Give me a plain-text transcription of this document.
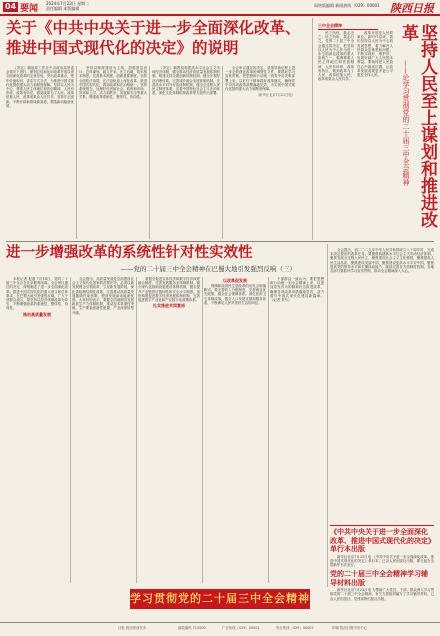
04 要闻
2024年7月23日 星期二
责任编辑 本版编辑
网络版编辑 新闻热线（029）00001 陕西日报
关于《中共中央关于进一步全面深化改革、推进中国式现代化的决定》的说明

《决定》稿起草工作在中央政治局常委会领导下进行，深刻总结和运用改革开放以来全面深化改革的宝贵经验，突出改革重点，把牢价值取向，讲求方式方法，为推进中国式现代化提供强大动力和制度保障。坚持以人民为中心，尊重人民主体地位和首创精神，人民有所呼、改革有所应，做到改革为了人民、改革依靠人民、改革成果由人民共享。坚持守正创新，不断开辟新领域新赛道，塑造新动能新优势。

坚持以制度建设为主线，加强顶层设计、总体谋划，破立并举、先立后破，筑牢根本制度，完善基本制度，创新重要制度。坚持全面依法治国，在法治轨道上深化改革、推进中国式现代化，做到改革和法治相统一。坚持系统观念，处理好经济和社会、政府和市场、效率和公平、活力和秩序、发展和安全等重大关系，增强改革系统性、整体性、协同性。

《决定》稿围绕构建高水平社会主义市场经济体制，健全推动经济高质量发展体制机制，构建支持全面创新体制机制，健全宏观经济治理体系，完善城乡融合发展体制机制，完善高水平对外开放体制机制，健全全过程人民民主制度体系，完善中国特色社会主义法治体系，深化文化体制机制改革等方面作出部署。

全会审议通过的决定，是指导新征程上进一步全面深化改革的纲领性文件。要抓好学习宣传贯彻，把思想和行动统一到党中央决策部署上来，以钉钉子精神抓好改革落实，确保党中央各项改革部署落地见效，为实现中国式现代化提供强大动力和制度保障。

（新华社北京7月21日电）

三中全会精神	坚持人民至上谋划和推进改革

——论学习贯彻党的二十届三中全会精神

民之所忧，我必念之；民之所盼，我必行之。党的二十届三中全会通过的决定，把坚持以人民为中心作为进一步全面深化改革的重大原则之一，强调尊重人民主体地位和首创精神，人民有所呼、改革有所应，做到改革为了人民、改革依靠人民、改革成果由人民共享。

改革开放是人民的事业。新时代以来，我们坚持以人民为中心的发展思想，着力解决人民群众急难愁盼问题，不断实现好、维护好、发展好最广大人民根本利益。要始终把人民放在心中最高位置，让改革发展成果更多更公平惠及全体人民。

进一步增强改革的系统性针对性实效性

——党的二十届三中全会精神在巴蜀大地引发强烈反响（三）

本报记者 报道 7月18日，党的二十届三中全会在北京胜利闭幕。全会审议通过的决定，深刻阐述了进一步全面深化改革、推进中国式现代化的重大意义和总体要求，在巴蜀大地引发强烈反响。广大干部群众表示，要坚持以经济体制改革为牵引，不断增强改革的系统性、整体性、协同性。

推动高质量发展

全会提出，高质量发展是全面建设社会主义现代化国家的首要任务。必须以新发展理念引领改革，立足新发展阶段，深化供给侧结构性改革，完善推动高质量发展激励约束机制，塑造发展新动能新优势。大家纷纷表示，要健全因地制宜发展新质生产力体制机制，推动技术革命性突破、生产要素创新性配置、产业深度转型升级。

要健全促进实体经济和数字经济深度融合制度，完善发展服务业体制机制，健全现代化基础设施建设体制机制，健全提升产业链供应链韧性和安全水平制度。加快构建促进数字经济发展体制机制，完善促进数字产业化和产业数字化政策体系。

扎实推进共同富裕

以改革促发展

保障和改善民生是改革的出发点和落脚点。要完善收入分配制度，完善就业优先政策，健全社会保障体系，深化医药卫生体制改革，健全人口发展支撑和服务体系，不断满足人民对美好生活的向往。

干部群众一致认为，要把思想和行动统一到全会精神上来，以更加奋发有为的精神状态推进改革，确保各项改革举措落地见效，奋力谱写中国式现代化建设新篇章。（记者 采写）

全会提出，到二〇二九年中华人民共和国成立八十周年时，完成本决定提出的改革任务。要聚焦构建高水平社会主义市场经济体制，聚焦发展全过程人民民主，聚焦建设社会主义文化强国，聚焦提高人民生活品质，聚焦建设美丽中国，聚焦建设更高水平平安中国，聚焦提高党的领导水平和长期执政能力，继续完善各方面制度机制。各地各部门要抓好学习宣传贯彻，推动全会精神深入人心。

《中共中央关于进一步全面深化改革、推进中国式现代化的决定》单行本出版

新华社北京7月21日电 《中共中央关于进一步全面深化改革、推进中国式现代化的决定》单行本，已由人民出版社出版，即日起在全国新华书店发行。

党的二十届三中全会精神学习辅导材料出版

新华社北京7月22日电 为帮助广大党员、干部、群众深入学习贯彻党的二十届三中全会精神，有关方面组织编写了学习辅导材料，已由人民出版社、党建读物出版社出版。

学习贯彻党的二十届三中全会精神
社址 陕西省西安市	邮政编码 710000	广告热线（029）00001	发行热线（029）00002	印刷 陕西日报印务中心
